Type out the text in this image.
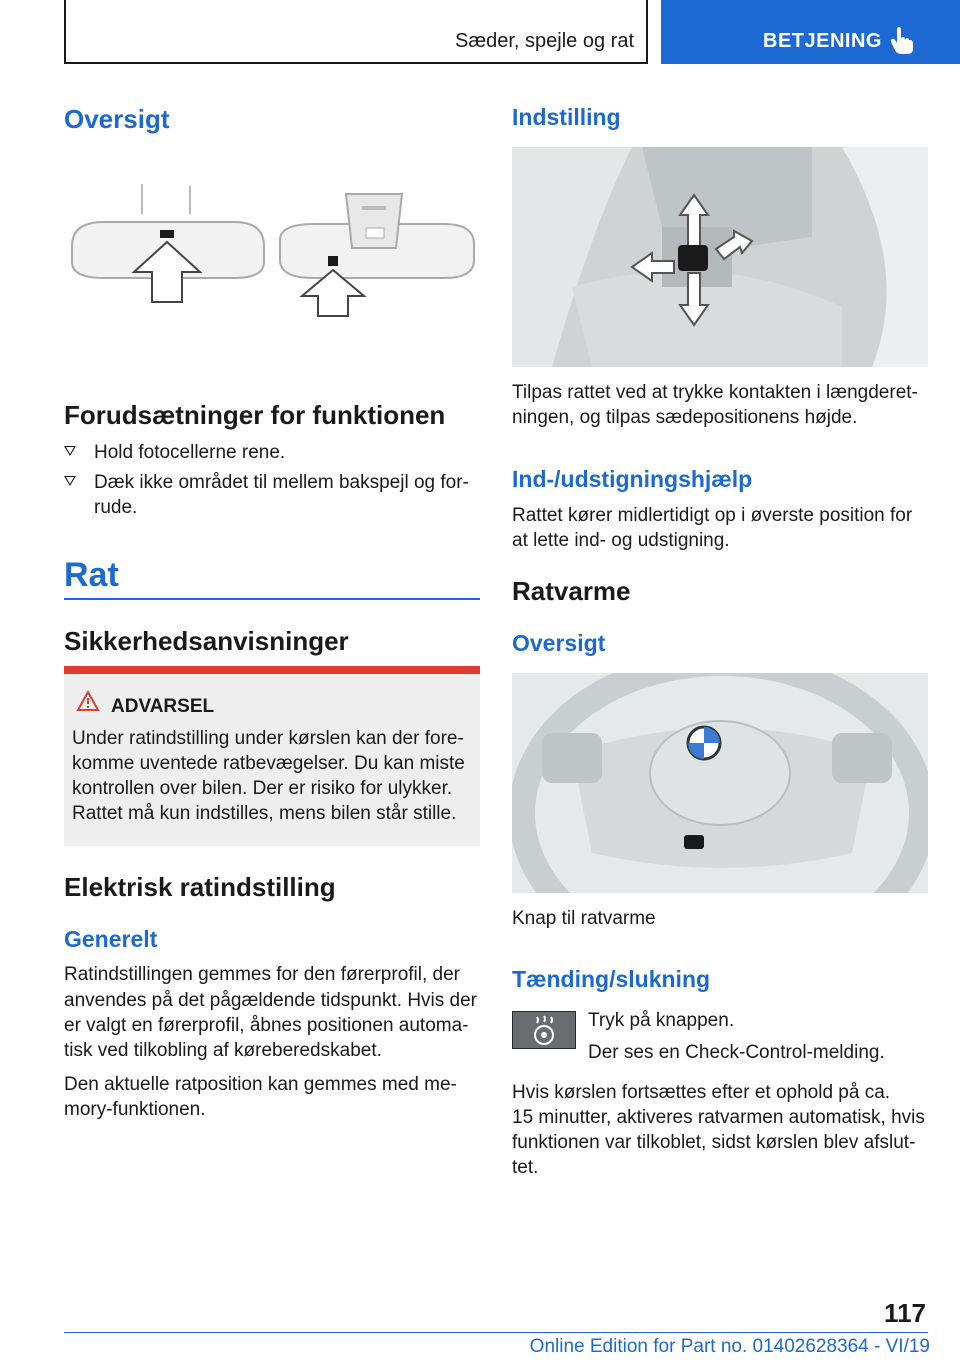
Sæder, spejle og rat	BETJENING
Oversigt
Forudsætninger for funktionen
Hold fotocellerne rene.
Dæk ikke området til mellem bakspejl og for-
rude.
Rat
Sikkerhedsanvisninger
ADVARSEL
Under ratindstilling under kørslen kan der fore-
komme uventede ratbevægelser. Du kan miste
kontrollen over bilen. Der er risiko for ulykker.
Rattet må kun indstilles, mens bilen står stille.
Elektrisk ratindstilling
Generelt
Ratindstillingen gemmes for den førerprofil, der
anvendes på det pågældende tidspunkt. Hvis der
er valgt en førerprofil, åbnes positionen automa-
tisk ved tilkobling af køreberedskabet.
Den aktuelle ratposition kan gemmes med me-
mory-funktionen.
Indstilling
Tilpas rattet ved at trykke kontakten i længderet-
ningen, og tilpas sædepositionens højde.
Ind-/udstigningshjælp
Rattet kører midlertidigt op i øverste position for
at lette ind- og udstigning.
Ratvarme
Oversigt
Knap til ratvarme
Tænding/slukning
Tryk på knappen.
Der ses en Check-Control-melding.
Hvis kørslen fortsættes efter et ophold på ca.
15 minutter, aktiveres ratvarmen automatisk, hvis
funktionen var tilkoblet, sidst kørslen blev afslut-
tet.
117
Online Edition for Part no. 01402628364 - VI/19
